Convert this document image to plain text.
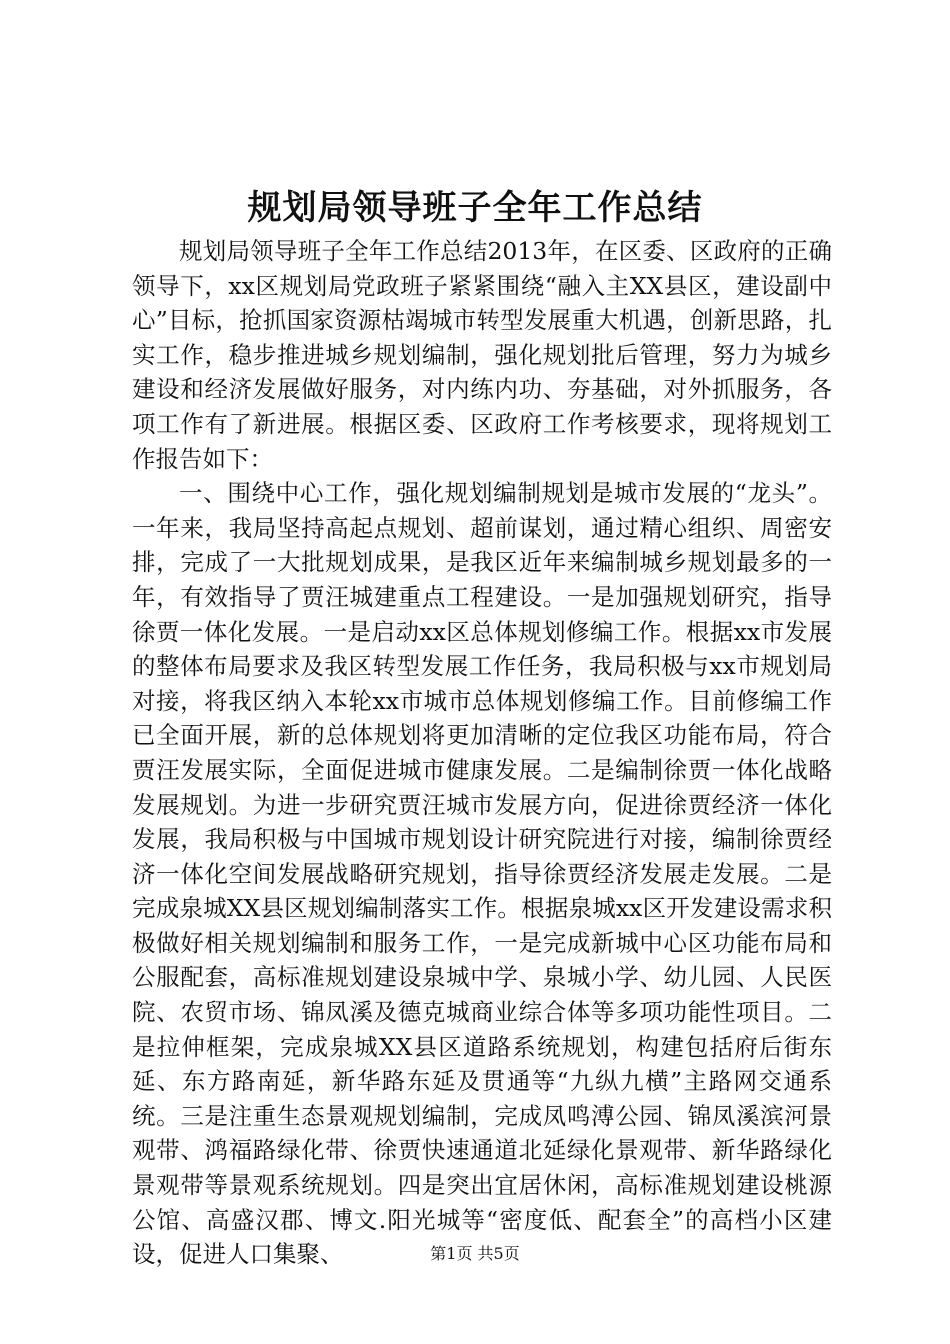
规划局领导班子全年工作总结

规划局领导班子全年工作总结2013年，在区委、区政府的正确领导下，xx区规划局党政班子紧紧围绕“融入主XX县区，建设副中心”目标，抢抓国家资源枯竭城市转型发展重大机遇，创新思路，扎实工作，稳步推进城乡规划编制，强化规划批后管理，努力为城乡建设和经济发展做好服务，对内练内功、夯基础，对外抓服务，各项工作有了新进展。根据区委、区政府工作考核要求，现将规划工作报告如下：

一、围绕中心工作，强化规划编制规划是城市发展的“龙头”。一年来，我局坚持高起点规划、超前谋划，通过精心组织、周密安排，完成了一大批规划成果，是我区近年来编制城乡规划最多的一年，有效指导了贾汪城建重点工程建设。一是加强规划研究，指导徐贾一体化发展。一是启动xx区总体规划修编工作。根据xx市发展的整体布局要求及我区转型发展工作任务，我局积极与xx市规划局对接，将我区纳入本轮xx市城市总体规划修编工作。目前修编工作已全面开展，新的总体规划将更加清晰的定位我区功能布局，符合贾汪发展实际，全面促进城市健康发展。二是编制徐贾一体化战略发展规划。为进一步研究贾汪城市发展方向，促进徐贾经济一体化发展，我局积极与中国城市规划设计研究院进行对接，编制徐贾经济一体化空间发展战略研究规划，指导徐贾经济发展走发展。二是完成泉城XX县区规划编制落实工作。根据泉城xx区开发建设需求积极做好相关规划编制和服务工作，一是完成新城中心区功能布局和公服配套，高标准规划建设泉城中学、泉城小学、幼儿园、人民医院、农贸市场、锦凤溪及德克城商业综合体等多项功能性项目。二是拉伸框架，完成泉城XX县区道路系统规划，构建包括府后街东延、东方路南延，新华路东延及贯通等“九纵九横”主路网交通系统。三是注重生态景观规划编制，完成凤鸣溥公园、锦凤溪滨河景观带、鸿福路绿化带、徐贾快速通道北延绿化景观带、新华路绿化景观带等景观系统规划。四是突出宜居休闲，高标准规划建设桃源公馆、高盛汉郡、博文.阳光城等“密度低、配套全”的高档小区建设，促进人口集聚、	第1页 共5页
